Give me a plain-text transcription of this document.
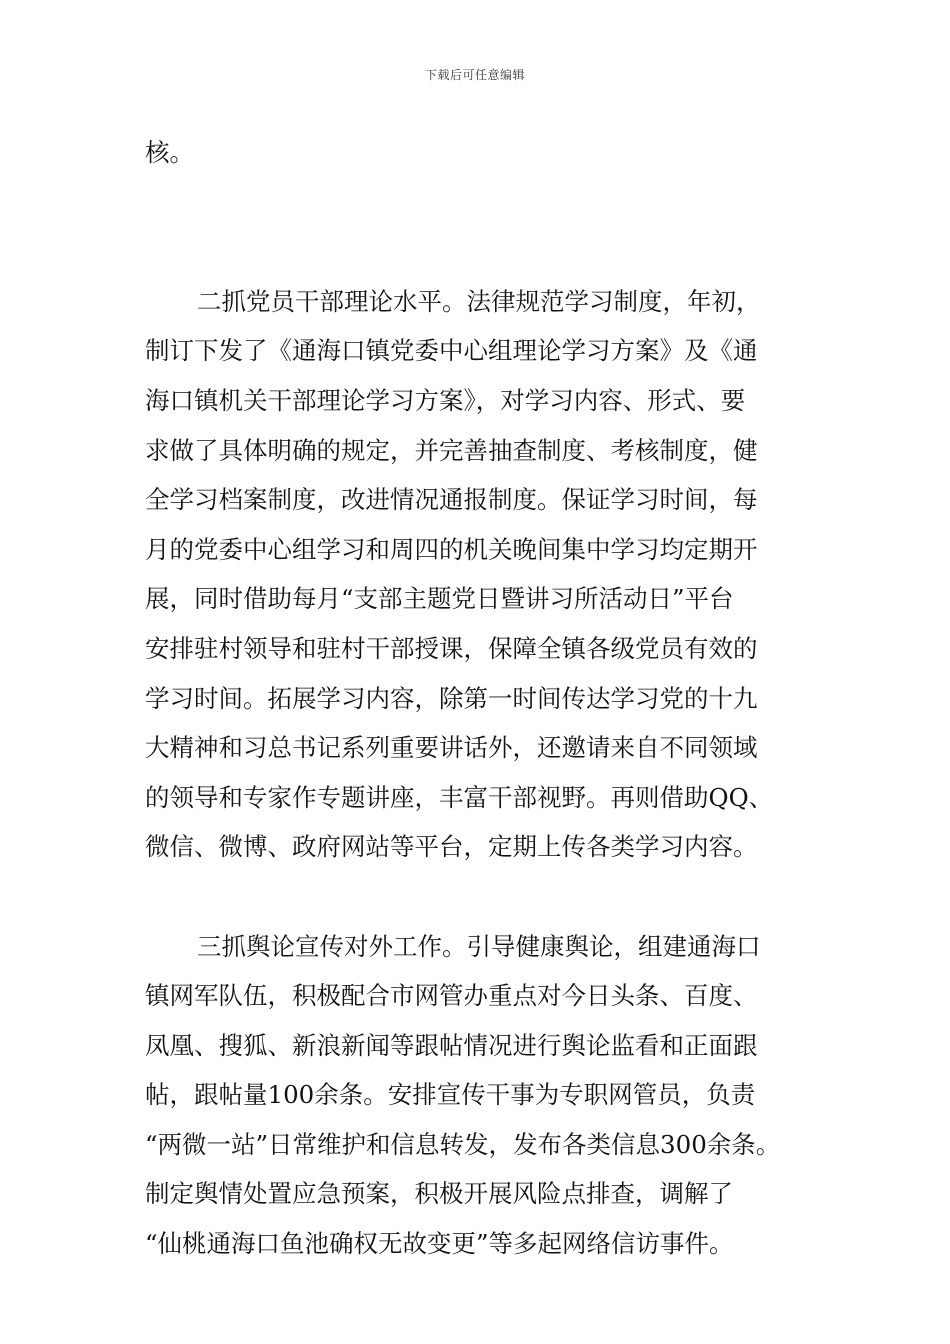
下载后可任意编辑
核。
二抓党员干部理论水平。法律规范学习制度，年初，
制订下发了《通海口镇党委中心组理论学习方案》及《通
海口镇机关干部理论学习方案》，对学习内容、形式、要
求做了具体明确的规定，并完善抽查制度、考核制度，健
全学习档案制度，改进情况通报制度。保证学习时间，每
月的党委中心组学习和周四的机关晚间集中学习均定期开
展，同时借助每月“支部主题党日暨讲习所活动日”平台
安排驻村领导和驻村干部授课，保障全镇各级党员有效的
学习时间。拓展学习内容，除第一时间传达学习党的十九
大精神和习总书记系列重要讲话外，还邀请来自不同领域
的领导和专家作专题讲座，丰富干部视野。再则借助QQ、
微信、微博、政府网站等平台，定期上传各类学习内容。
三抓舆论宣传对外工作。引导健康舆论，组建通海口
镇网军队伍，积极配合市网管办重点对今日头条、百度、
凤凰、搜狐、新浪新闻等跟帖情况进行舆论监看和正面跟
帖，跟帖量100余条。安排宣传干事为专职网管员，负责
“两微一站”日常维护和信息转发，发布各类信息300余条。
制定舆情处置应急预案，积极开展风险点排查，调解了
“仙桃通海口鱼池确权无故变更”等多起网络信访事件。
